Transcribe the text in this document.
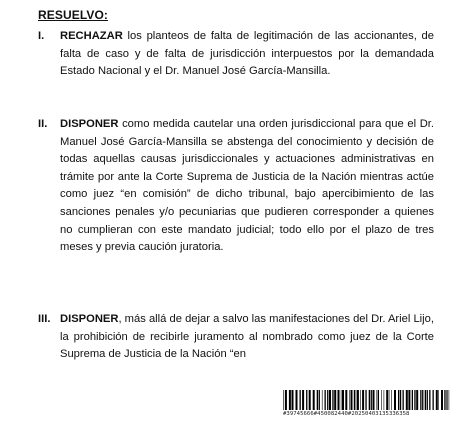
RESUELVO:
I. RECHAZAR los planteos de falta de legitimación de las accionantes, de falta de caso y de falta de jurisdicción interpuestos por la demandada Estado Nacional y el Dr. Manuel José García-Mansilla.
II. DISPONER como medida cautelar una orden jurisdiccional para que el Dr. Manuel José García-Mansilla se abstenga del conocimiento y decisión de todas aquellas causas jurisdiccionales y actuaciones administrativas en trámite por ante la Corte Suprema de Justicia de la Nación mientras actúe como juez “en comisión” de dicho tribunal, bajo apercibimiento de las sanciones penales y/o pecuniarias que pudieren corresponder a quienes no cumplieran con este mandato judicial; todo ello por el plazo de tres meses y previa caución juratoria.
III. DISPONER, más allá de dejar a salvo las manifestaciones del Dr. Ariel Lijo, la prohibición de recibirle juramento al nombrado como juez de la Corte Suprema de Justicia de la Nación “en
#39745666#450082440#20250403135336358
